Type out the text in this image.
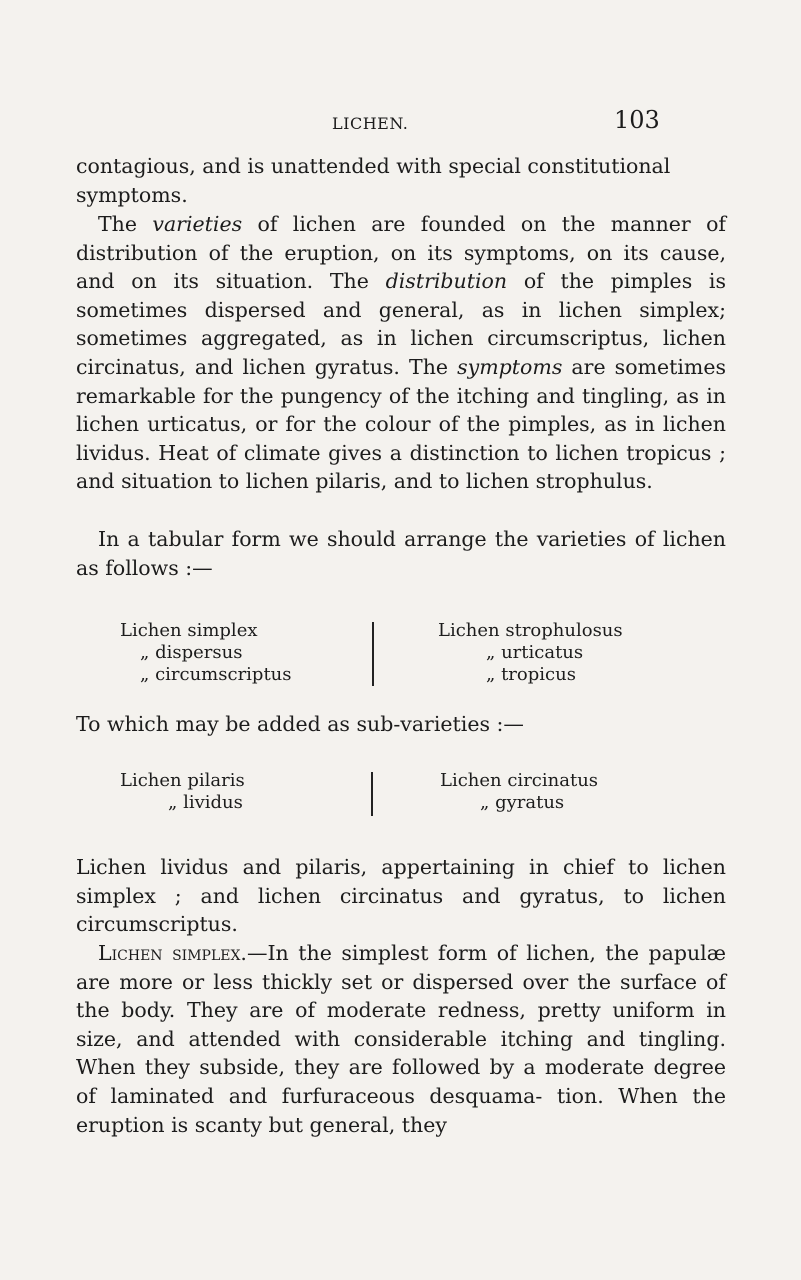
LICHEN.	103
contagious, and is unattended with special constitutional
symptoms.
The varieties of lichen are founded on the manner of distribution of the eruption, on its symptoms, on its cause, and on its situation. The distribution of the pimples is sometimes dispersed and general, as in lichen simplex; sometimes aggregated, as in lichen circumscriptus, lichen circinatus, and lichen gyratus. The symptoms are sometimes remarkable for the pungency of the itching and tingling, as in lichen urticatus, or for the colour of the pimples, as in lichen lividus. Heat of climate gives a distinction to lichen tropicus ; and situation to lichen pilaris, and to lichen strophulus.
In a tabular form we should arrange the varieties of lichen as follows :—
Lichen simplex
„ dispersus
„ circumscriptus
Lichen strophulosus
„ urticatus
„ tropicus
To which may be added as sub-varieties :—
Lichen pilaris
„ lividus
Lichen circinatus
„ gyratus
Lichen lividus and pilaris, appertaining in chief to lichen simplex ; and lichen circinatus and gyratus, to lichen circumscriptus.
Lichen simplex.—In the simplest form of lichen, the papulæ are more or less thickly set or dispersed over the surface of the body. They are of moderate redness, pretty uniform in size, and attended with considerable itching and tingling. When they subside, they are followed by a moderate degree of laminated and furfuraceous desquama- tion. When the eruption is scanty but general, they
